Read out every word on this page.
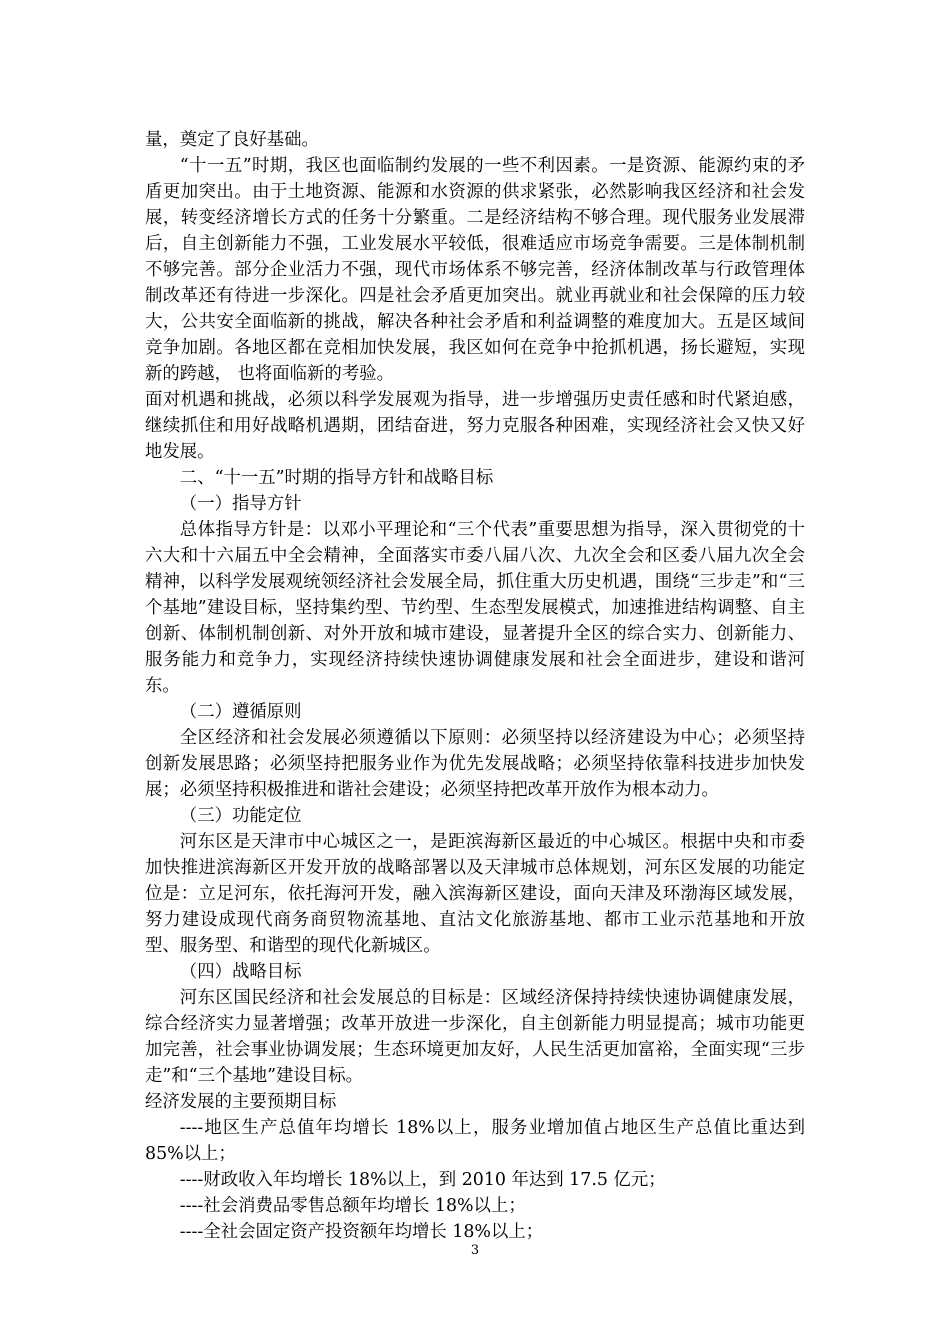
量，奠定了良好基础。

“十一五”时期，我区也面临制约发展的一些不利因素。一是资源、能源约束的矛盾更加突出。由于土地资源、能源和水资源的供求紧张，必然影响我区经济和社会发展，转变经济增长方式的任务十分繁重。二是经济结构不够合理。现代服务业发展滞后，自主创新能力不强，工业发展水平较低，很难适应市场竞争需要。三是体制机制不够完善。部分企业活力不强，现代市场体系不够完善，经济体制改革与行政管理体制改革还有待进一步深化。四是社会矛盾更加突出。就业再就业和社会保障的压力较大，公共安全面临新的挑战，解决各种社会矛盾和利益调整的难度加大。五是区域间竞争加剧。各地区都在竞相加快发展，我区如何在竞争中抢抓机遇，扬长避短，实现新的跨越， 也将面临新的考验。

面对机遇和挑战，必须以科学发展观为指导，进一步增强历史责任感和时代紧迫感，继续抓住和用好战略机遇期，团结奋进，努力克服各种困难，实现经济社会又快又好地发展。

二、“十一五”时期的指导方针和战略目标

（一）指导方针

总体指导方针是：以邓小平理论和“三个代表”重要思想为指导，深入贯彻党的十六大和十六届五中全会精神，全面落实市委八届八次、九次全会和区委八届九次全会精神，以科学发展观统领经济社会发展全局，抓住重大历史机遇，围绕“三步走”和“三个基地”建设目标，坚持集约型、节约型、生态型发展模式，加速推进结构调整、自主创新、体制机制创新、对外开放和城市建设，显著提升全区的综合实力、创新能力、服务能力和竞争力，实现经济持续快速协调健康发展和社会全面进步，建设和谐河东。

（二）遵循原则

全区经济和社会发展必须遵循以下原则：必须坚持以经济建设为中心；必须坚持创新发展思路；必须坚持把服务业作为优先发展战略；必须坚持依靠科技进步加快发展；必须坚持积极推进和谐社会建设；必须坚持把改革开放作为根本动力。

（三）功能定位

河东区是天津市中心城区之一，是距滨海新区最近的中心城区。根据中央和市委加快推进滨海新区开发开放的战略部署以及天津城市总体规划，河东区发展的功能定位是：立足河东，依托海河开发，融入滨海新区建设，面向天津及环渤海区域发展，努力建设成现代商务商贸物流基地、直沽文化旅游基地、都市工业示范基地和开放型、服务型、和谐型的现代化新城区。

（四）战略目标

河东区国民经济和社会发展总的目标是：区域经济保持持续快速协调健康发展，综合经济实力显著增强；改革开放进一步深化，自主创新能力明显提高；城市功能更加完善，社会事业协调发展；生态环境更加友好，人民生活更加富裕，全面实现“三步走”和“三个基地”建设目标。

经济发展的主要预期目标

----地区生产总值年均增长 18%以上，服务业增加值占地区生产总值比重达到 85%以上；

----财政收入年均增长 18%以上，到 2010 年达到 17.5 亿元；

----社会消费品零售总额年均增长 18%以上；

----全社会固定资产投资额年均增长 18%以上；

3
